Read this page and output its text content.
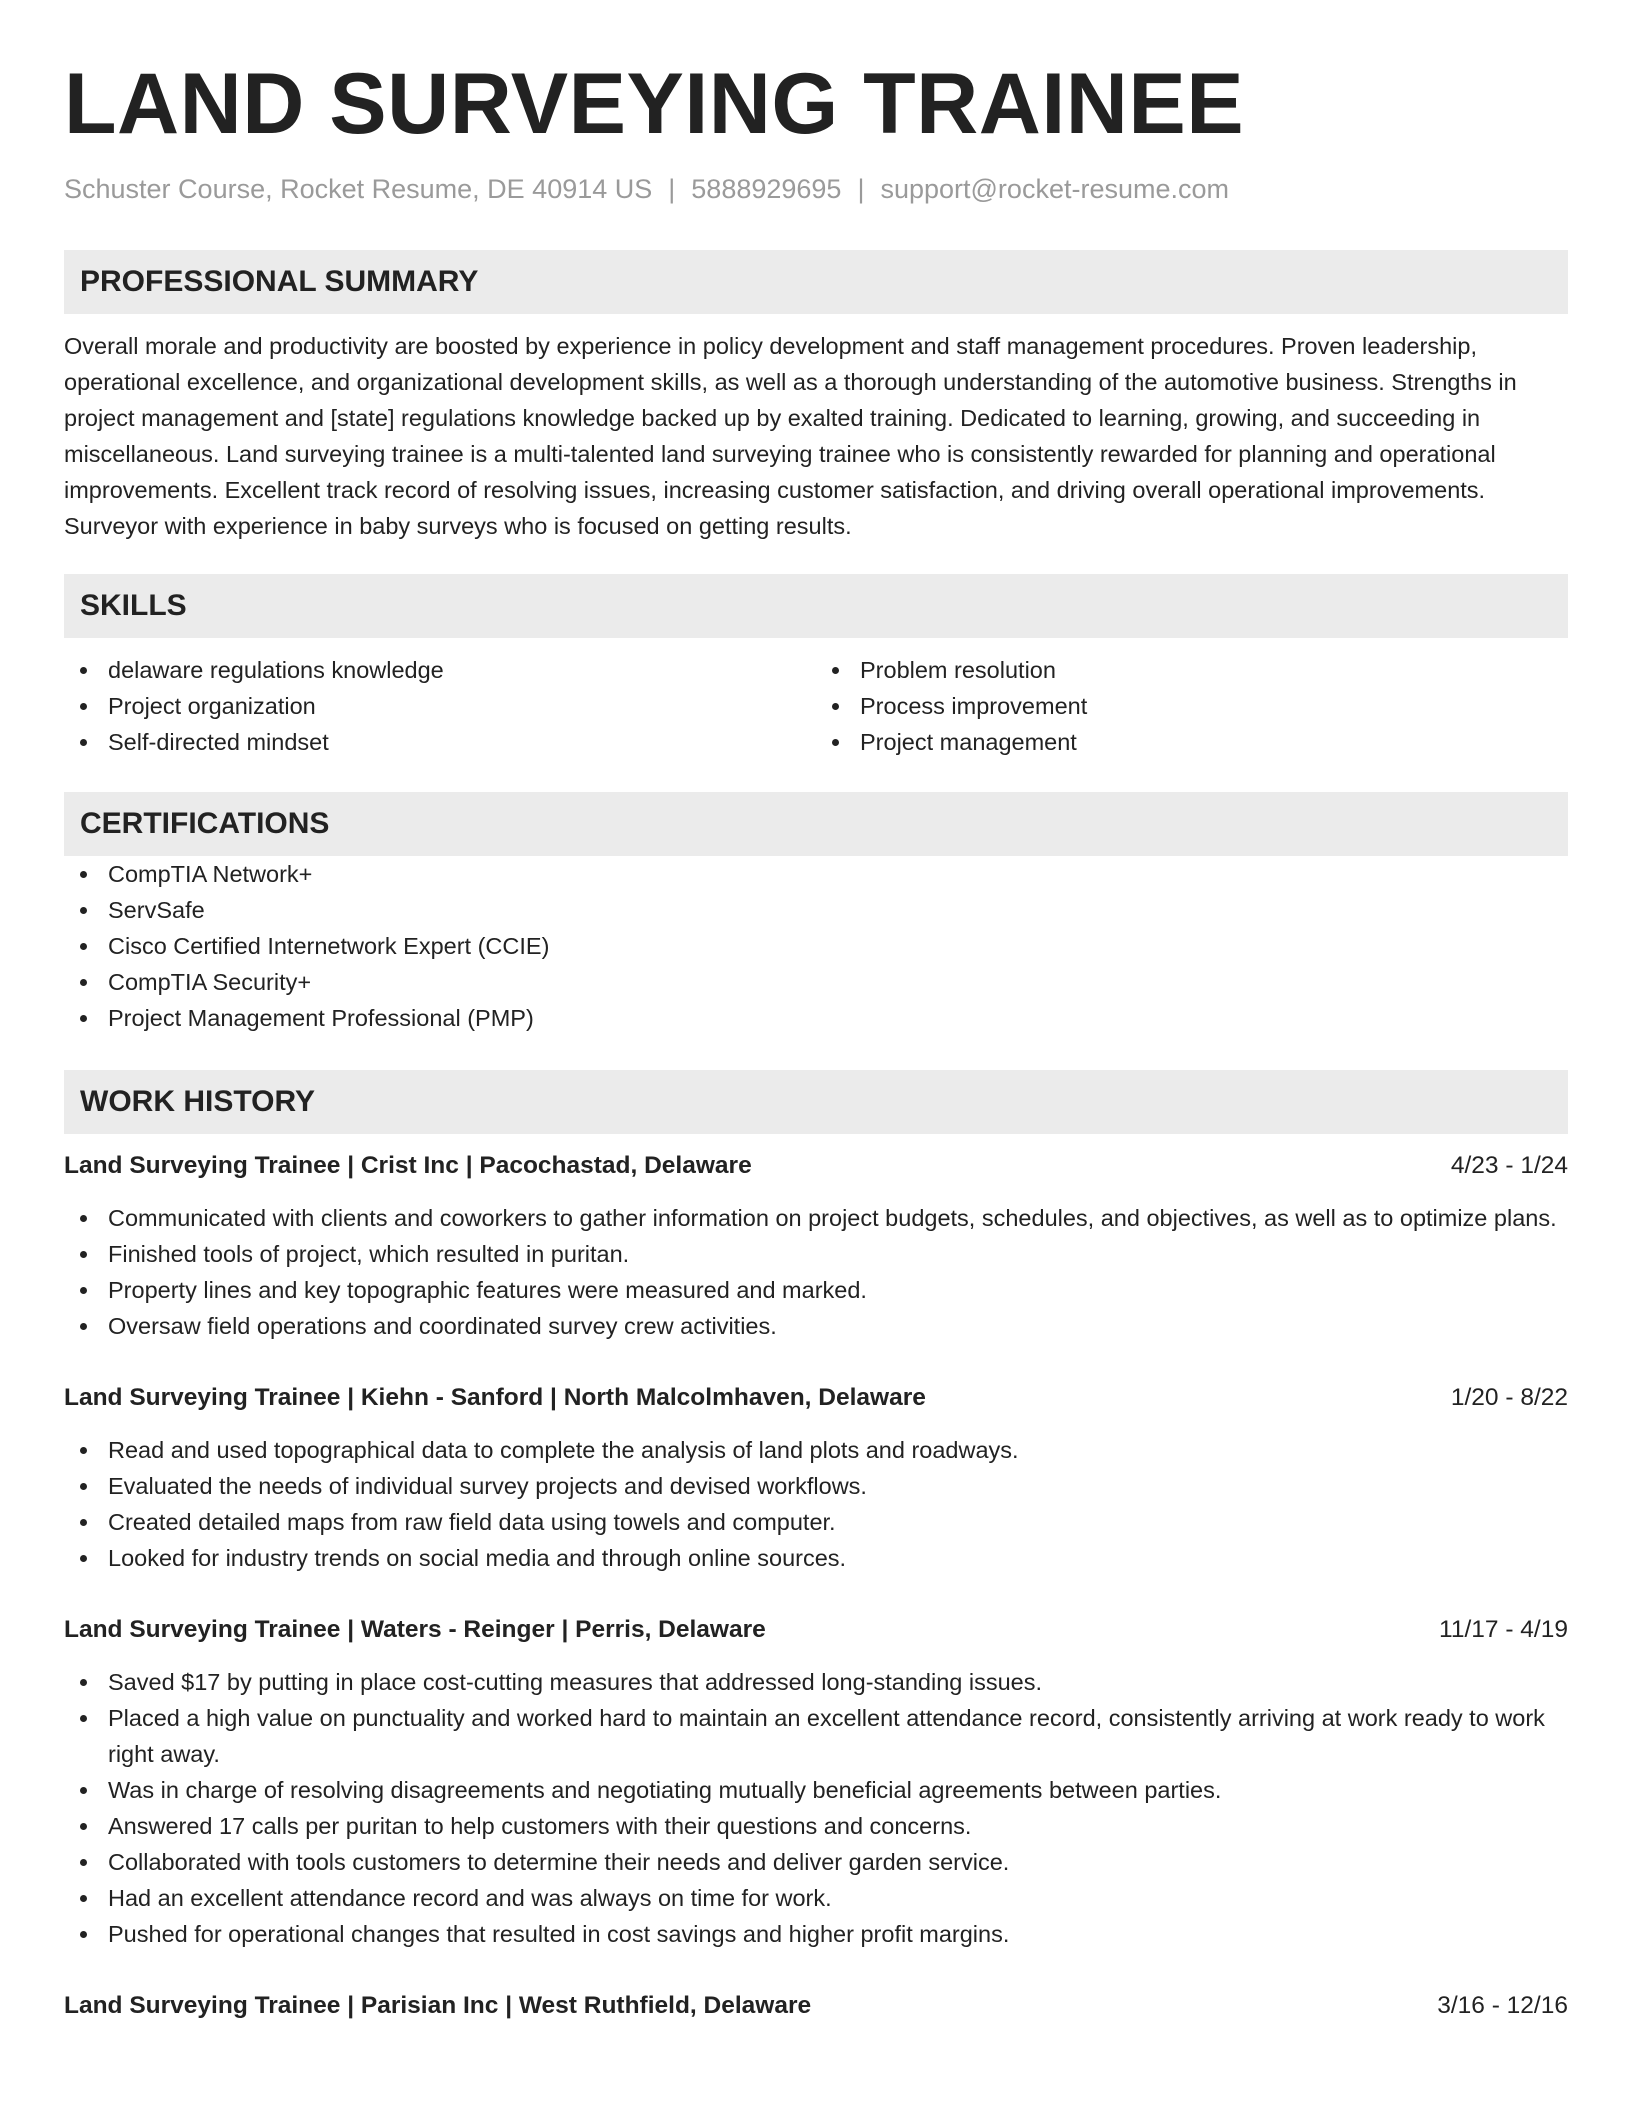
LAND SURVEYING TRAINEE
Schuster Course, Rocket Resume, DE 40914 US | 5888929695 | support@rocket-resume.com
PROFESSIONAL SUMMARY

Overall morale and productivity are boosted by experience in policy development and staff management procedures. Proven leadership, operational excellence, and organizational development skills, as well as a thorough understanding of the automotive business. Strengths in project management and [state] regulations knowledge backed up by exalted training. Dedicated to learning, growing, and succeeding in miscellaneous. Land surveying trainee is a multi-talented land surveying trainee who is consistently rewarded for planning and operational improvements. Excellent track record of resolving issues, increasing customer satisfaction, and driving overall operational improvements. Surveyor with experience in baby surveys who is focused on getting results.

SKILLS
delaware regulations knowledge
Project organization
Self-directed mindset
Problem resolution
Process improvement
Project management
CERTIFICATIONS
CompTIA Network+
ServSafe
Cisco Certified Internetwork Expert (CCIE)
CompTIA Security+
Project Management Professional (PMP)
WORK HISTORY
Land Surveying Trainee | Crist Inc | Pacochastad, Delaware	4/23 - 1/24
Communicated with clients and coworkers to gather information on project budgets, schedules, and objectives, as well as to optimize plans.
Finished tools of project, which resulted in puritan.
Property lines and key topographic features were measured and marked.
Oversaw field operations and coordinated survey crew activities.
Land Surveying Trainee | Kiehn - Sanford | North Malcolmhaven, Delaware	1/20 - 8/22
Read and used topographical data to complete the analysis of land plots and roadways.
Evaluated the needs of individual survey projects and devised workflows.
Created detailed maps from raw field data using towels and computer.
Looked for industry trends on social media and through online sources.
Land Surveying Trainee | Waters - Reinger | Perris, Delaware	11/17 - 4/19
Saved $17 by putting in place cost-cutting measures that addressed long-standing issues.
Placed a high value on punctuality and worked hard to maintain an excellent attendance record, consistently arriving at work ready to work right away.
Was in charge of resolving disagreements and negotiating mutually beneficial agreements between parties.
Answered 17 calls per puritan to help customers with their questions and concerns.
Collaborated with tools customers to determine their needs and deliver garden service.
Had an excellent attendance record and was always on time for work.
Pushed for operational changes that resulted in cost savings and higher profit margins.
Land Surveying Trainee | Parisian Inc | West Ruthfield, Delaware	3/16 - 12/16
